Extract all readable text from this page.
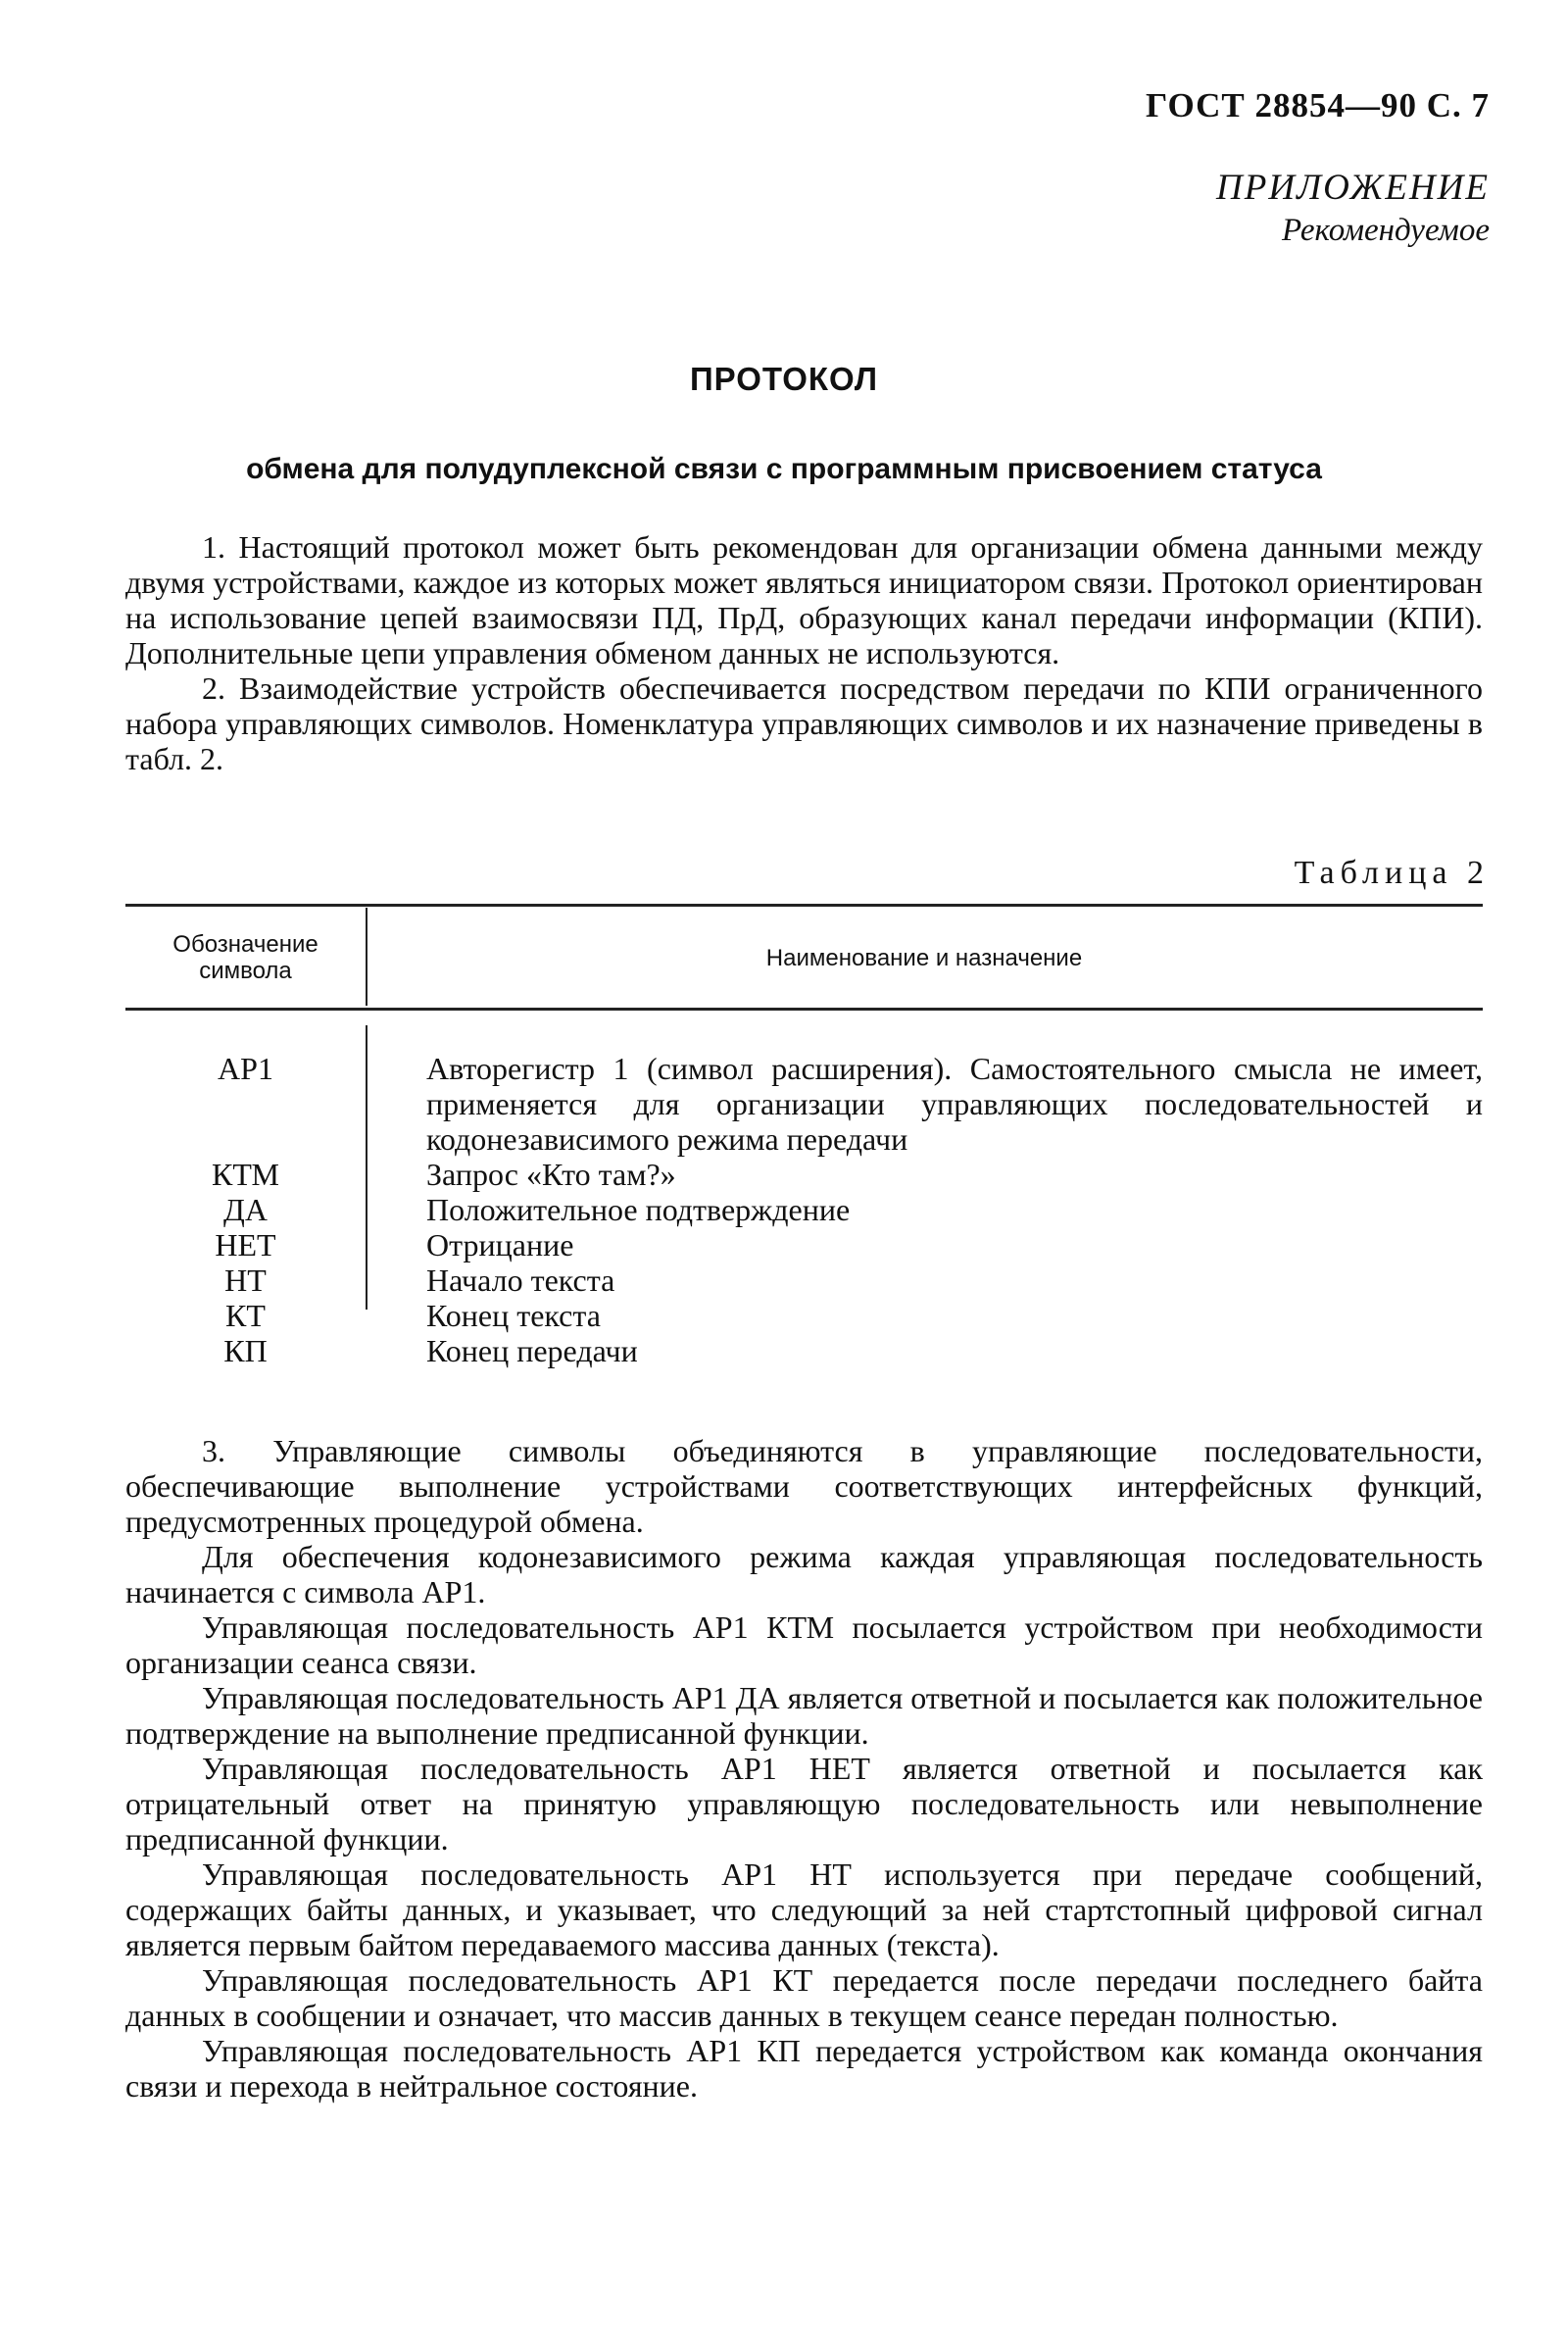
ГОСТ 28854—90 С. 7
ПРИЛОЖЕНИЕ
Рекомендуемое
ПРОТОКОЛ
обмена для полудуплексной связи с программным присвоением статуса

1. Настоящий протокол может быть рекомендован для организации обмена данными между двумя устройствами, каждое из которых может являться инициатором связи. Протокол ориентирован на использование цепей взаимосвязи ПД, ПрД, образующих канал передачи информации (КПИ). Дополнительные цепи управления обменом данных не используются.

2. Взаимодействие устройств обеспечивается посредством передачи по КПИ ограниченного набора управляющих символов. Номенклатура управляющих символов и их назначение приведены в табл. 2.

Таблица 2
Обозначение символа	Наименование и назначение
АР1	Авторегистр 1 (символ расширения). Самостоятельного смысла не имеет, применяется для организации управляющих последовательностей и кодонезависимого режима передачи
КТМ	Запрос «Кто там?»
ДА	Положительное подтверждение
НЕТ	Отрицание
НТ	Начало текста
КТ	Конец текста
КП	Конец передачи

3. Управляющие символы объединяются в управляющие последовательности, обеспечивающие выполнение устройствами соответствующих интерфейсных функций, предусмотренных процедурой обмена.

Для обеспечения кодонезависимого режима каждая управляющая последовательность начинается с символа АР1.

Управляющая последовательность АР1 КТМ посылается устройством при необходимости организации сеанса связи.

Управляющая последовательность АР1 ДА является ответной и посылается как положительное подтверждение на выполнение предписанной функции.

Управляющая последовательность АР1 НЕТ является ответной и посылается как отрицательный ответ на принятую управляющую последовательность или невыполнение предписанной функции.

Управляющая последовательность АР1 НТ используется при передаче сообщений, содержащих байты данных, и указывает, что следующий за ней стартстопный цифровой сигнал является первым байтом передаваемого массива данных (текста).

Управляющая последовательность АР1 КТ передается после передачи последнего байта данных в сообщении и означает, что массив данных в текущем сеансе передан полностью.

Управляющая последовательность АР1 КП передается устройством как команда окончания связи и перехода в нейтральное состояние.
